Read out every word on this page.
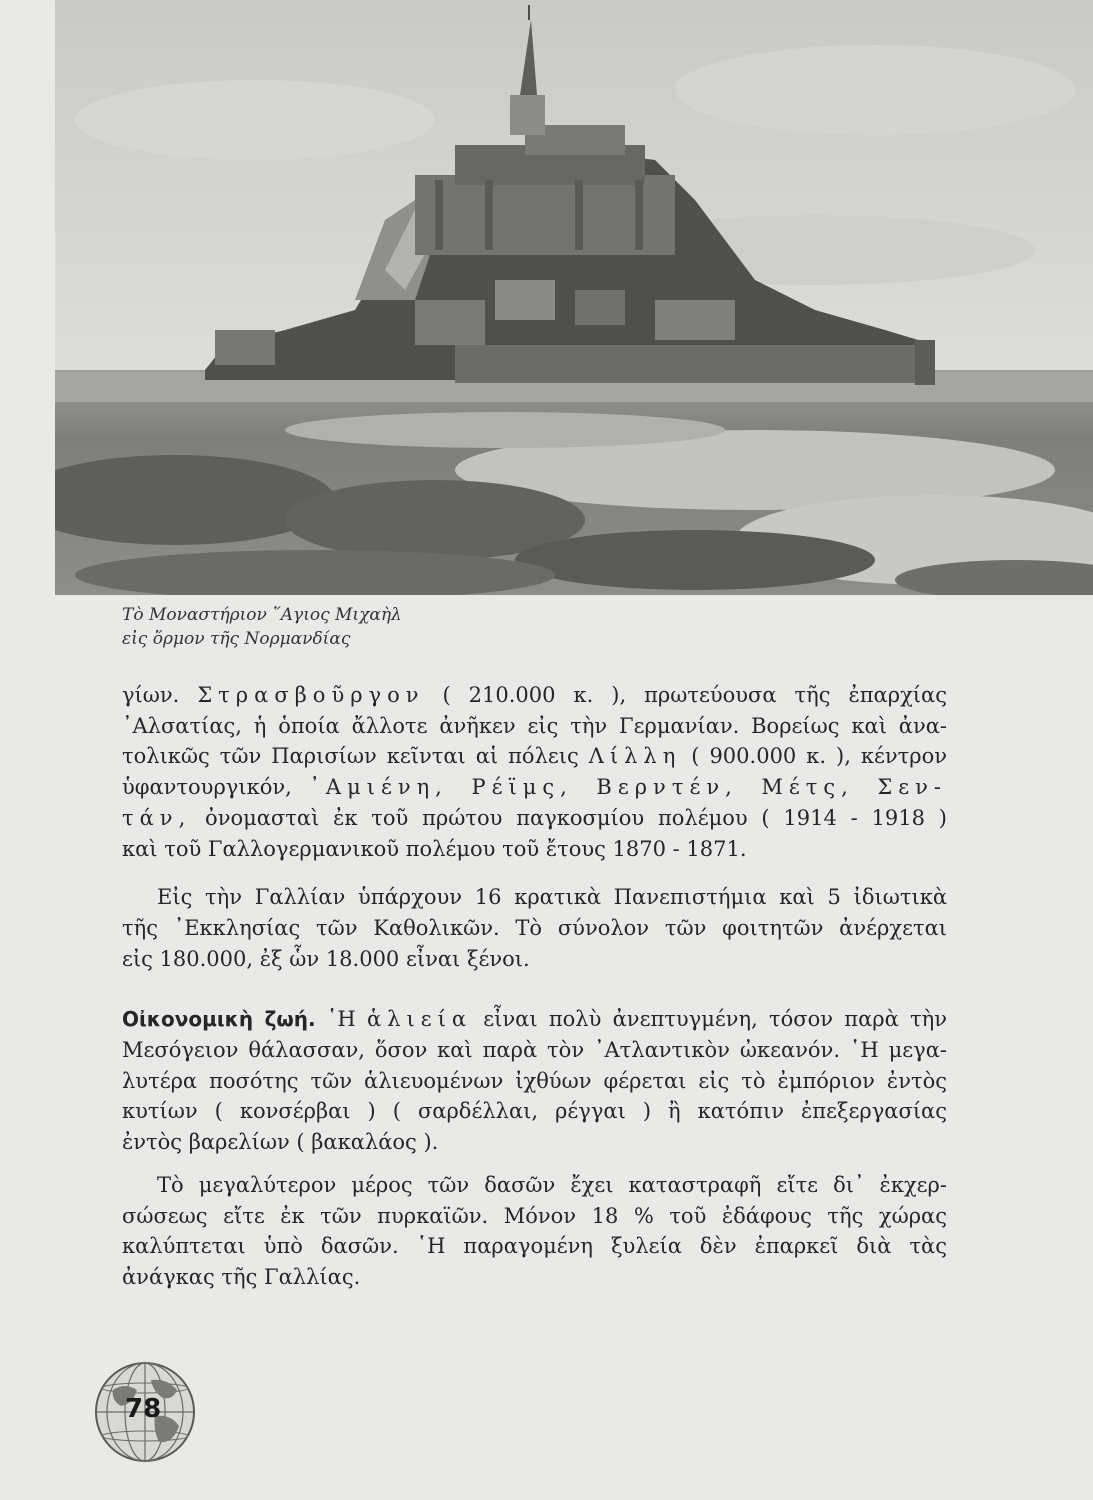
Τὸ Μοναστήριον ῞Αγιος Μιχαὴλ
εἰς ὅρμον τῆς Νορμανδίας
γίων. Στρασβοῦργον ( 210.000 κ. ), πρωτεύουσα τῆς ἐπαρχίας
᾿Αλσατίας, ἡ ὁποία ἄλλοτε ἀνῆκεν εἰς τὴν Γερμανίαν. Βορείως καὶ ἀνα-
τολικῶς τῶν Παρισίων κεῖνται αἱ πόλεις Λίλλη ( 900.000 κ. ), κέντρον
ὑφαντουργικόν, ᾿Αμιένη, Ρέϊμς, Βερντέν, Μέτς, Σεν-
τάν, ὀνομασταὶ ἐκ τοῦ πρώτου παγκοσμίου πολέμου ( 1914 - 1918 )
καὶ τοῦ Γαλλογερμανικοῦ πολέμου τοῦ ἔτους 1870 - 1871.
Εἰς τὴν Γαλλίαν ὑπάρχουν 16 κρατικὰ Πανεπιστήμια καὶ 5 ἰδιωτικὰ
τῆς ᾿Εκκλησίας τῶν Καθολικῶν. Τὸ σύνολον τῶν φοιτητῶν ἀνέρχεται
εἰς 180.000, ἐξ ὧν 18.000 εἶναι ξένοι.
Οἰκονομικὴ ζωή. ῾Η ἁλιεία εἶναι πολὺ ἀνεπτυγμένη, τόσον παρὰ τὴν
Μεσόγειον θάλασσαν, ὅσον καὶ παρὰ τὸν ᾿Ατλαντικὸν ὠκεανόν. ῾Η μεγα-
λυτέρα ποσότης τῶν ἁλιευομένων ἰχθύων φέρεται εἰς τὸ ἐμπόριον ἐντὸς
κυτίων ( κονσέρβαι ) ( σαρδέλλαι, ρέγγαι ) ἢ κατόπιν ἐπεξεργασίας
ἐντὸς βαρελίων ( βακαλάος ).
Τὸ μεγαλύτερον μέρος τῶν δασῶν ἔχει καταστραφῆ εἴτε δι᾿ ἐκχερ-
σώσεως εἴτε ἐκ τῶν πυρκαϊῶν. Μόνον 18 % τοῦ ἐδάφους τῆς χώρας
καλύπτεται ὑπὸ δασῶν. ῾Η παραγομένη ξυλεία δὲν ἐπαρκεῖ διὰ τὰς
ἀνάγκας τῆς Γαλλίας.
78
